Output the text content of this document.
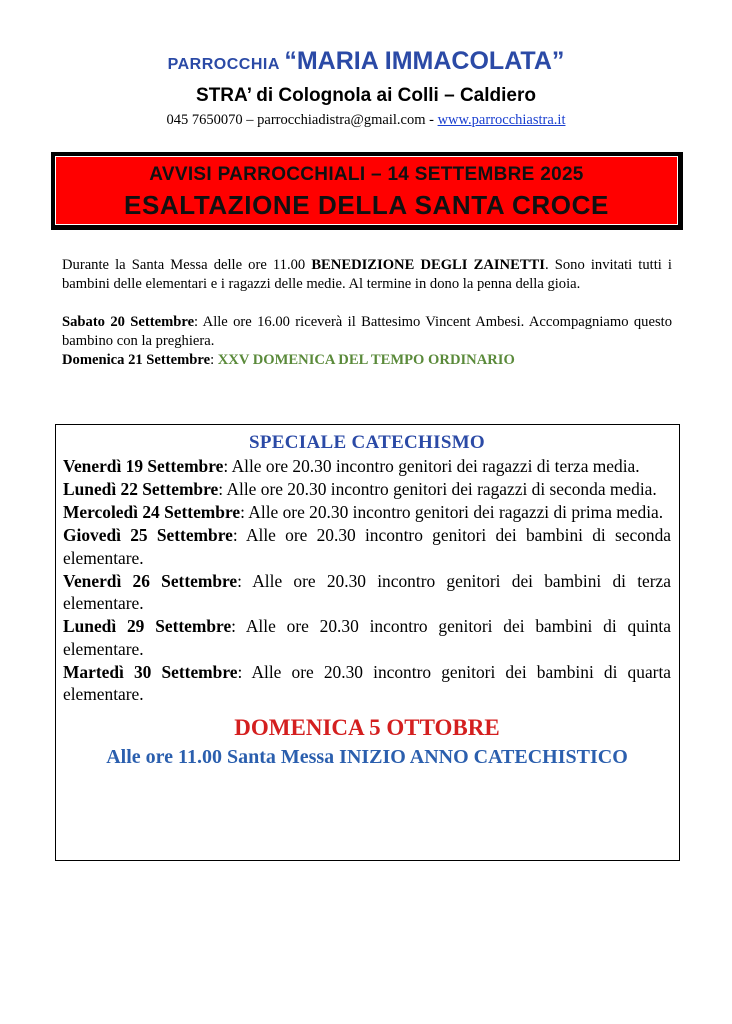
PARROCCHIA “MARIA IMMACOLATA”
STRA’ di Colognola ai Colli – Caldiero
045 7650070 – parrocchiadistra@gmail.com - www.parrocchiastra.it
AVVISI PARROCCHIALI – 14 SETTEMBRE 2025
ESALTAZIONE DELLA SANTA CROCE

Durante la Santa Messa delle ore 11.00 BENEDIZIONE DEGLI ZAINETTI. Sono invitati tutti i bambini delle elementari e i ragazzi delle medie. Al termine in dono la penna della gioia.

Sabato 20 Settembre: Alle ore 16.00 riceverà il Battesimo Vincent Ambesi. Accompagniamo questo bambino con la preghiera.

Domenica 21 Settembre: XXV DOMENICA DEL TEMPO ORDINARIO

SPECIALE CATECHISMO

Venerdì 19 Settembre: Alle ore 20.30 incontro genitori dei ragazzi di terza media.

Lunedì 22 Settembre: Alle ore 20.30 incontro genitori dei ragazzi di seconda media.

Mercoledì 24 Settembre: Alle ore 20.30 incontro genitori dei ragazzi di prima media.

Giovedì 25 Settembre: Alle ore 20.30 incontro genitori dei bambini di seconda elementare.

Venerdì 26 Settembre: Alle ore 20.30 incontro genitori dei bambini di terza elementare.

Lunedì 29 Settembre: Alle ore 20.30 incontro genitori dei bambini di quinta elementare.

Martedì 30 Settembre: Alle ore 20.30 incontro genitori dei bambini di quarta elementare.

DOMENICA 5 OTTOBRE
Alle ore 11.00 Santa Messa INIZIO ANNO CATECHISTICO
